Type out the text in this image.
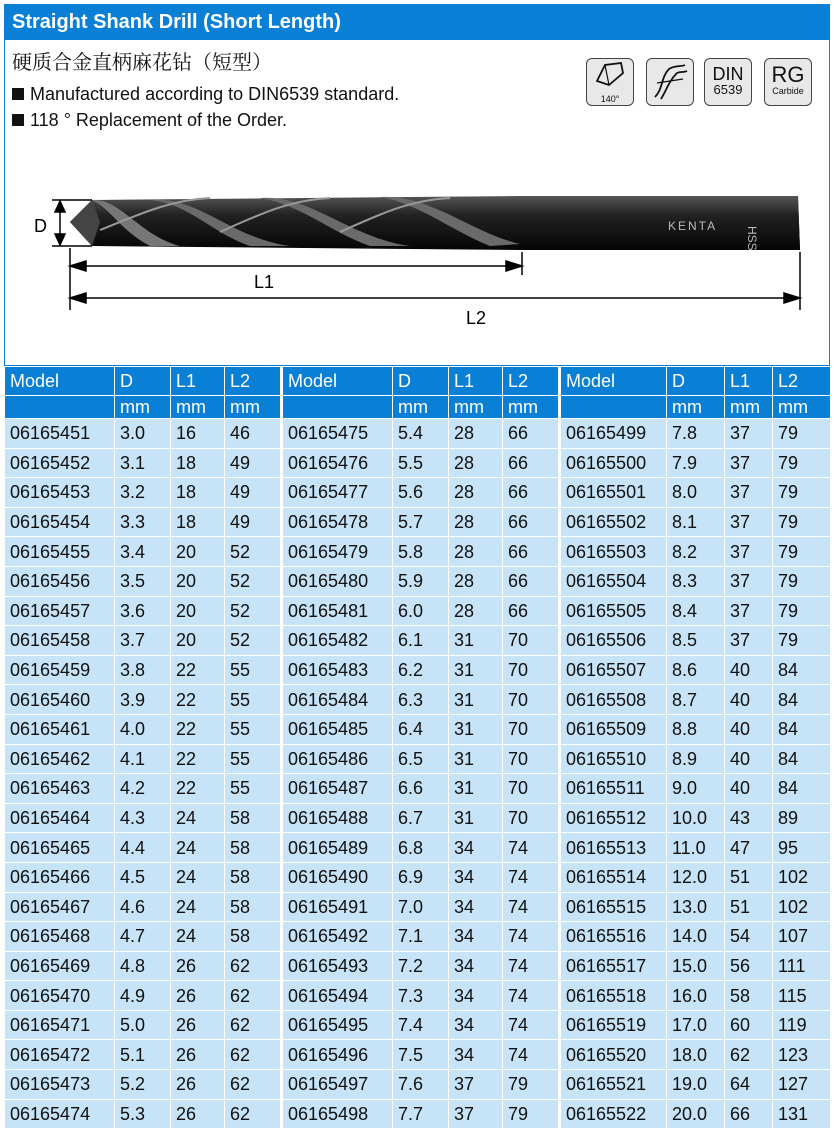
Straight Shank Drill (Short Length)
硬质合金直柄麻花钻（短型）
Manufactured according to DIN6539 standard.
118 ° Replacement of the Order.
140°
DIN
6539
RG
Carbide
KENTA HSS
D
L1
L2
Model	D	L1	L2
	mm	mm	mm
06165451	3.0	16	46
06165452	3.1	18	49
06165453	3.2	18	49
06165454	3.3	18	49
06165455	3.4	20	52
06165456	3.5	20	52
06165457	3.6	20	52
06165458	3.7	20	52
06165459	3.8	22	55
06165460	3.9	22	55
06165461	4.0	22	55
06165462	4.1	22	55
06165463	4.2	22	55
06165464	4.3	24	58
06165465	4.4	24	58
06165466	4.5	24	58
06165467	4.6	24	58
06165468	4.7	24	58
06165469	4.8	26	62
06165470	4.9	26	62
06165471	5.0	26	62
06165472	5.1	26	62
06165473	5.2	26	62
06165474	5.3	26	62
Model	D	L1	L2
	mm	mm	mm
06165475	5.4	28	66
06165476	5.5	28	66
06165477	5.6	28	66
06165478	5.7	28	66
06165479	5.8	28	66
06165480	5.9	28	66
06165481	6.0	28	66
06165482	6.1	31	70
06165483	6.2	31	70
06165484	6.3	31	70
06165485	6.4	31	70
06165486	6.5	31	70
06165487	6.6	31	70
06165488	6.7	31	70
06165489	6.8	34	74
06165490	6.9	34	74
06165491	7.0	34	74
06165492	7.1	34	74
06165493	7.2	34	74
06165494	7.3	34	74
06165495	7.4	34	74
06165496	7.5	34	74
06165497	7.6	37	79
06165498	7.7	37	79
Model	D	L1	L2
	mm	mm	mm
06165499	7.8	37	79
06165500	7.9	37	79
06165501	8.0	37	79
06165502	8.1	37	79
06165503	8.2	37	79
06165504	8.3	37	79
06165505	8.4	37	79
06165506	8.5	37	79
06165507	8.6	40	84
06165508	8.7	40	84
06165509	8.8	40	84
06165510	8.9	40	84
06165511	9.0	40	84
06165512	10.0	43	89
06165513	11.0	47	95
06165514	12.0	51	102
06165515	13.0	51	102
06165516	14.0	54	107
06165517	15.0	56	111
06165518	16.0	58	115
06165519	17.0	60	119
06165520	18.0	62	123
06165521	19.0	64	127
06165522	20.0	66	131
